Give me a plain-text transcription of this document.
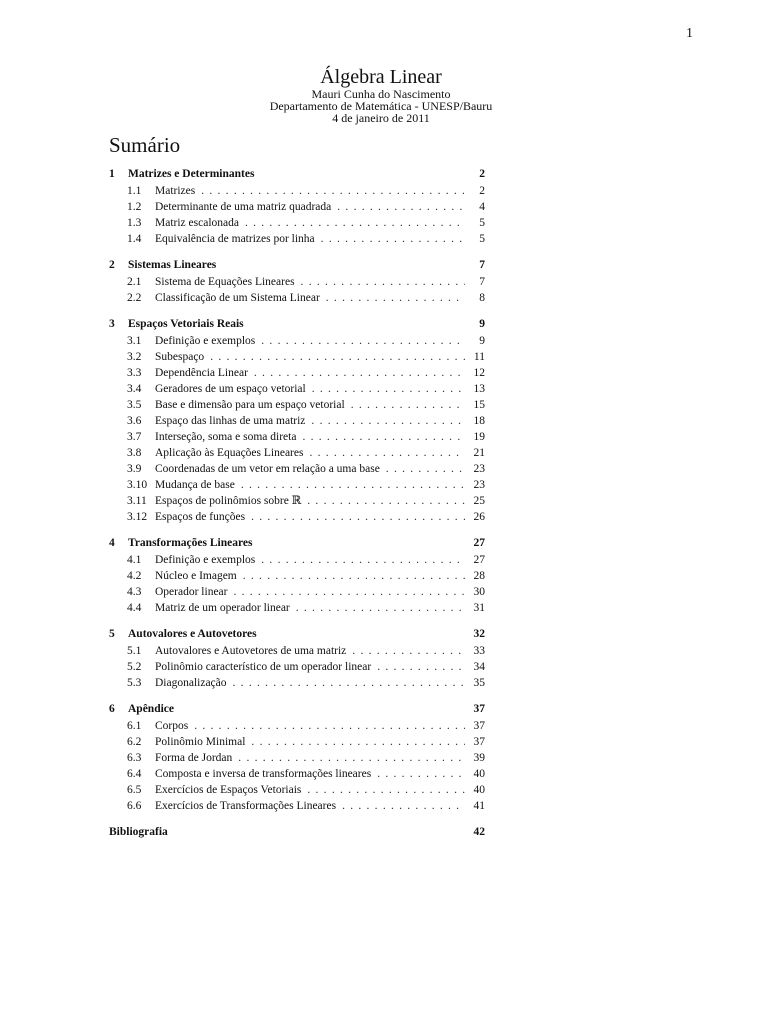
1
Álgebra Linear
Mauri Cunha do Nascimento
Departamento de Matemática - UNESP/Bauru
4 de janeiro de 2011
Sumário
1	Matrizes e Determinantes	2
1.1	Matrizes . . .	2
1.2	Determinante de uma matriz quadrada . . .	4
1.3	Matriz escalonada . . .	5
1.4	Equivalência de matrizes por linha . . .	5
2	Sistemas Lineares	7
2.1	Sistema de Equações Lineares . . .	7
2.2	Classificação de um Sistema Linear . . .	8
3	Espaços Vetoriais Reais	9
3.1	Definição e exemplos . . .	9
3.2	Subespaço . . .	11
3.3	Dependência Linear . . .	12
3.4	Geradores de um espaço vetorial . . .	13
3.5	Base e dimensão para um espaço vetorial . . .	15
3.6	Espaço das linhas de uma matriz . . .	18
3.7	Interseção, soma e soma direta . . .	19
3.8	Aplicação às Equações Lineares . . .	21
3.9	Coordenadas de um vetor em relação a uma base . . .	23
3.10 Mudança de base . . .	23
3.11 Espaços de polinômios sobre ℝ . . .	25
3.12 Espaços de funções . . .	26
4	Transformações Lineares	27
4.1	Definição e exemplos . . .	27
4.2	Núcleo e Imagem . . .	28
4.3	Operador linear . . .	30
4.4	Matriz de um operador linear . . .	31
5	Autovalores e Autovetores	32
5.1	Autovalores e Autovetores de uma matriz . . .	33
5.2	Polinômio característico de um operador linear . . .	34
5.3	Diagonalização . . .	35
6	Apêndice	37
6.1	Corpos . . .	37
6.2	Polinômio Minimal . . .	37
6.3	Forma de Jordan . . .	39
6.4	Composta e inversa de transformações lineares . . .	40
6.5	Exercícios de Espaços Vetoriais . . .	40
6.6	Exercícios de Transformações Lineares . . .	41
Bibliografia	42
